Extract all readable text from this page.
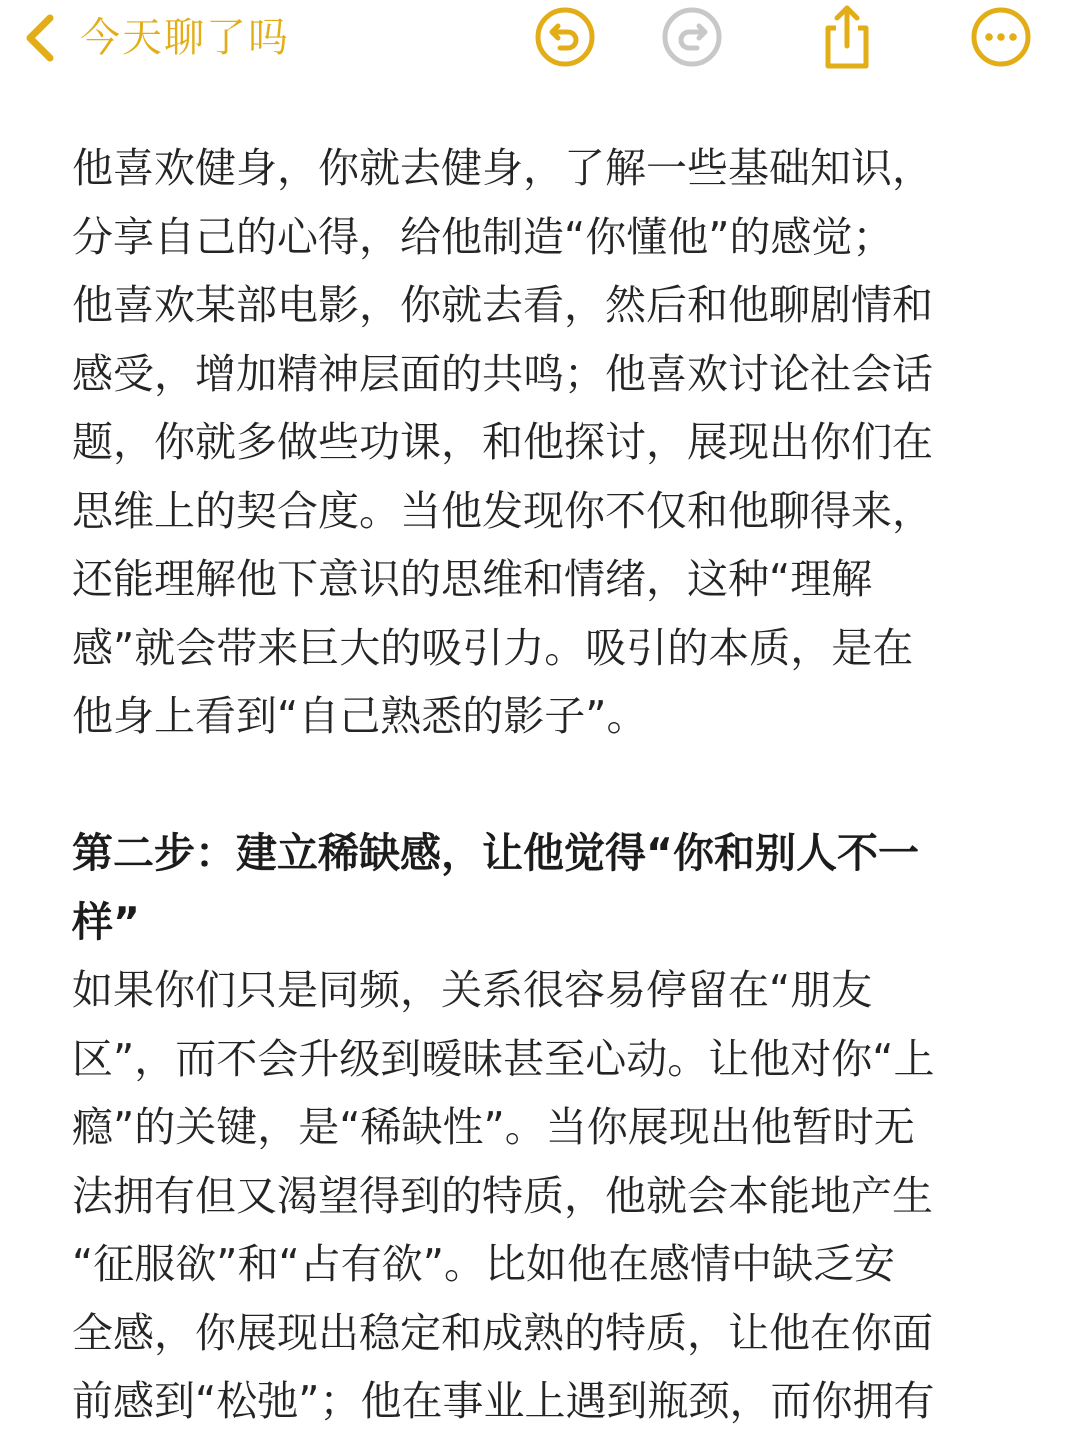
今天聊了吗

他喜欢健身，你就去健身，了解一些基础知识，
分享自己的心得，给他制造“你懂他”的感觉；
他喜欢某部电影，你就去看，然后和他聊剧情和
感受，增加精神层面的共鸣；他喜欢讨论社会话
题，你就多做些功课，和他探讨，展现出你们在
思维上的契合度。当他发现你不仅和他聊得来，
还能理解他下意识的思维和情绪，这种“理解
感”就会带来巨大的吸引力。吸引的本质，是在
他身上看到“自己熟悉的影子”。

第二步：建立稀缺感，让他觉得“你和别人不一
样”

如果你们只是同频，关系很容易停留在“朋友
区”，而不会升级到暧昧甚至心动。让他对你“上
瘾”的关键，是“稀缺性”。当你展现出他暂时无
法拥有但又渴望得到的特质，他就会本能地产生
“征服欲”和“占有欲”。比如他在感情中缺乏安
全感，你展现出稳定和成熟的特质，让他在你面
前感到“松弛”；他在事业上遇到瓶颈，而你拥有
